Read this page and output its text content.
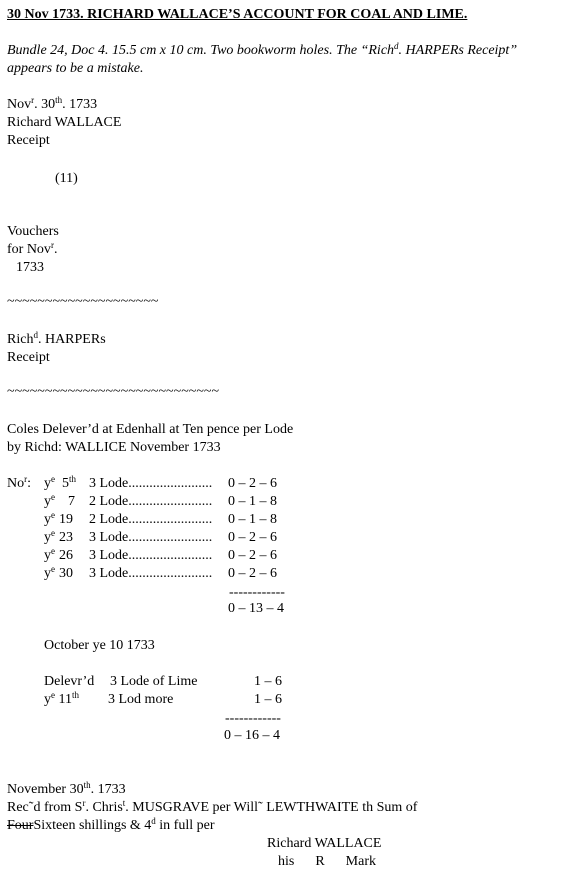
30 Nov 1733. RICHARD WALLACE’S ACCOUNT FOR COAL AND LIME.
Bundle 24, Doc 4. 15.5 cm x 10 cm. Two bookworm holes. The “Rich$^d$. HARPERs Receipt”
appears to be a mistake.
Nov$^r$. 30th. 1733
Richard WALLACE
Receipt
(11)
Vouchers
for Nov$^r$.
1733
~~~~~~~~~~~~~~~~~~~~
Rich$^d$. HARPERs
Receipt
~~~~~~~~~~~~~~~~~~~~~~~~~~~~
Coles Delever’d at Edenhall at Ten pence per Lode
by Richd: WALLICE November 1733
No$^r$: $y^e$ 5th 3 Lode........................ 0 – 2 – 6
$y^e$ 7 2 Lode........................ 0 – 1 – 8
$y^e$ 19 2 Lode........................ 0 – 1 – 8
$y^e$ 23 3 Lode........................ 0 – 2 – 6
$y^e$ 26 3 Lode........................ 0 – 2 – 6
$y^e$ 30 3 Lode........................ 0 – 2 – 6
------------
0 – 13 – 4
October ye 10 1733
Delevr’d 3 Lode of Lime	1 – 6
$y^e$ 11th 3 Lod more	1 – 6
------------
0 – 16 – 4
November 30th. 1733
Rec˜d from $S^r$. Chris$^t$. MUSGRAVE per Will˜ LEWTHWAITE th Sum of
FourSixteen shillings & 4$^d$ in full per
Richard WALLACE
his      R      Mark
